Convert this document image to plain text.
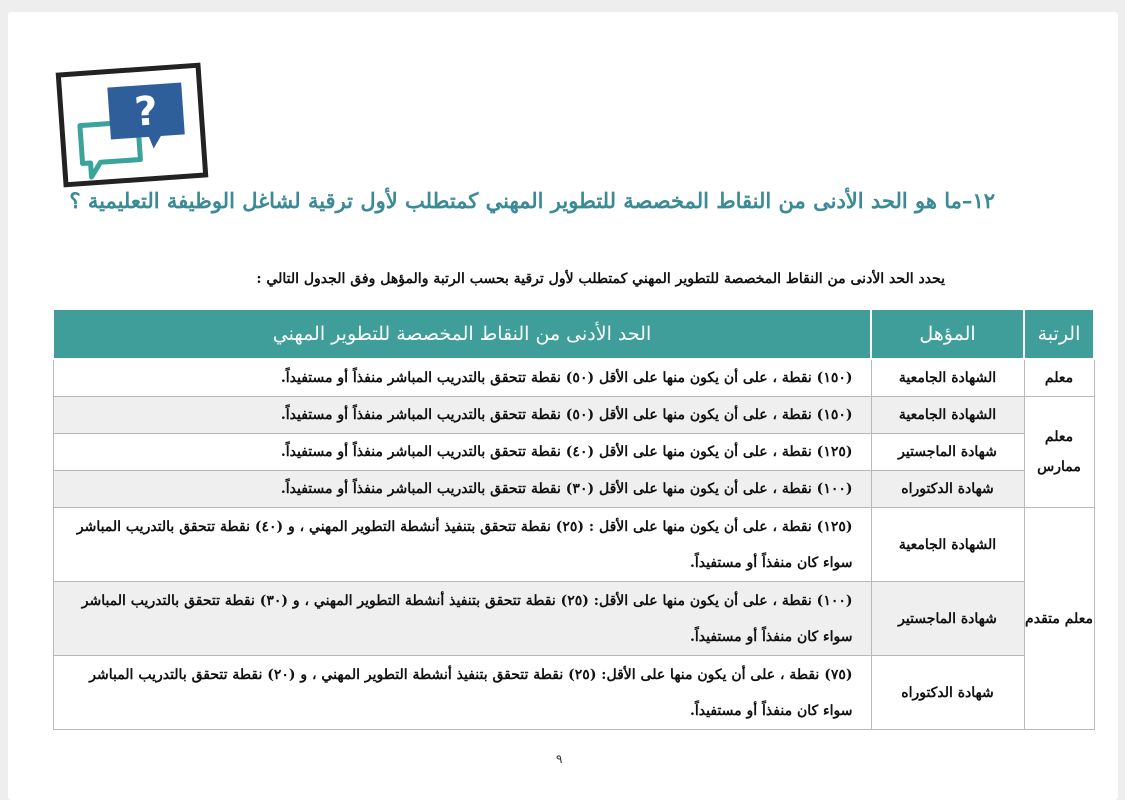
?
١٢–ما هو الحد الأدنى من النقاط المخصصة للتطوير المهني كمتطلب لأول ترقية لشاغل الوظيفة التعليمية ؟
يحدد الحد الأدنى من النقاط المخصصة للتطوير المهني كمتطلب لأول ترقية بحسب الرتبة والمؤهل وفق الجدول التالي :
الرتبة	المؤهل	الحد الأدنى من النقاط المخصصة للتطوير المهني
معلم	الشهادة الجامعية	(١٥٠) نقطة ، على أن يكون منها على الأقل (٥٠) نقطة تتحقق بالتدريب المباشر منفذاً أو مستفيداً.
معلم ممارس	الشهادة الجامعية	(١٥٠) نقطة ، على أن يكون منها على الأقل (٥٠) نقطة تتحقق بالتدريب المباشر منفذاً أو مستفيداً.
	شهادة الماجستير	(١٢٥) نقطة ، على أن يكون منها على الأقل (٤٠) نقطة تتحقق بالتدريب المباشر منفذاً أو مستفيداً.
	شهادة الدكتوراه	(١٠٠) نقطة ، على أن يكون منها على الأقل (٣٠) نقطة تتحقق بالتدريب المباشر منفذاً أو مستفيداً.
معلم متقدم	الشهادة الجامعية	(١٢٥) نقطة ، على أن يكون منها على الأقل : (٢٥) نقطة تتحقق بتنفيذ أنشطة التطوير المهني ، و (٤٠) نقطة تتحقق بالتدريب المباشر سواء كان منفذاً أو مستفيداً.
	شهادة الماجستير	(١٠٠) نقطة ، على أن يكون منها على الأقل: (٢٥) نقطة تتحقق بتنفيذ أنشطة التطوير المهني ، و (٣٠) نقطة تتحقق بالتدريب المباشر سواء كان منفذاً أو مستفيداً.
	شهادة الدكتوراه	(٧٥) نقطة ، على أن يكون منها على الأقل: (٢٥) نقطة تتحقق بتنفيذ أنشطة التطوير المهني ، و (٢٠) نقطة تتحقق بالتدريب المباشر سواء كان منفذاً أو مستفيداً.
٩
